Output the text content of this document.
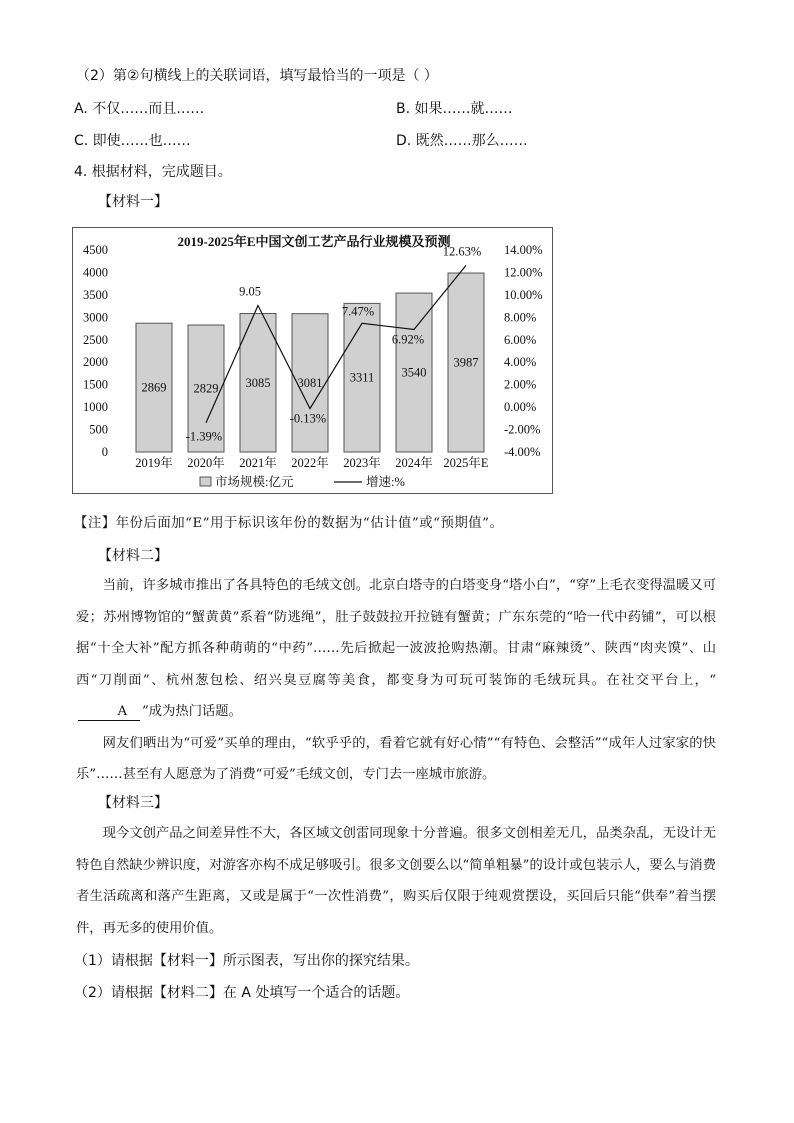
（2）第②句横线上的关联词语，填写最恰当的一项是（ ）
A. 不仅……而且……	B. 如果……就……
C. 即使……也……	D. 既然……那么……
4. 根据材料，完成题目。
【材料一】
2019-2025年E中国文创工艺产品行业规模及预测
2869 2829 3085 3081 3311 3540
3987
4500
4000
3500
3000
2500
2000
1500
1000
500
0
14.00%
12.00%
10.00%
8.00%
6.00%
4.00%
2.00%
0.00%
-2.00%
-4.00%
2019年 2020年 2021年 2022年 2023年 2024年 2025年E
-1.39%
9.05
-0.13%
7.47%
6.92%
12.63%
市场规模:亿元	增速:%
【注】年份后面加“E”用于标识该年份的数据为“估计值”或“预期值”。
【材料二】
当前，许多城市推出了各具特色的毛绒文创。北京白塔寺的白塔变身“塔小白”，“穿”上毛衣变得温暖又可爱；苏州博物馆的“蟹黄黄”系着“防逃绳”，肚子鼓鼓拉开拉链有蟹黄；广东东莞的“哈一代中药铺”，可以根据“十全大补”配方抓各种萌萌的“中药”……先后掀起一波波抢购热潮。甘肃“麻辣烫”、陕西“肉夹馍”、山西“刀削面”、杭州葱包桧、绍兴臭豆腐等美食，都变身为可玩可装饰的毛绒玩具。在社交平台上，“A ”成为热门话题。
网友们晒出为“可爱”买单的理由，“软乎乎的，看着它就有好心情”“有特色、会整活”“成年人过家家的快乐”……甚至有人愿意为了消费“可爱”毛绒文创，专门去一座城市旅游。
【材料三】
现今文创产品之间差异性不大，各区域文创雷同现象十分普遍。很多文创相差无几，品类杂乱，无设计无特色自然缺少辨识度，对游客亦构不成足够吸引。很多文创要么以“简单粗暴”的设计或包装示人，要么与消费者生活疏离和落产生距离，又或是属于“一次性消费”，购买后仅限于纯观赏摆设，买回后只能“供奉”着当摆件，再无多的使用价值。
（1）请根据【材料一】所示图表，写出你的探究结果。
（2）请根据【材料二】在 A 处填写一个适合的话题。
